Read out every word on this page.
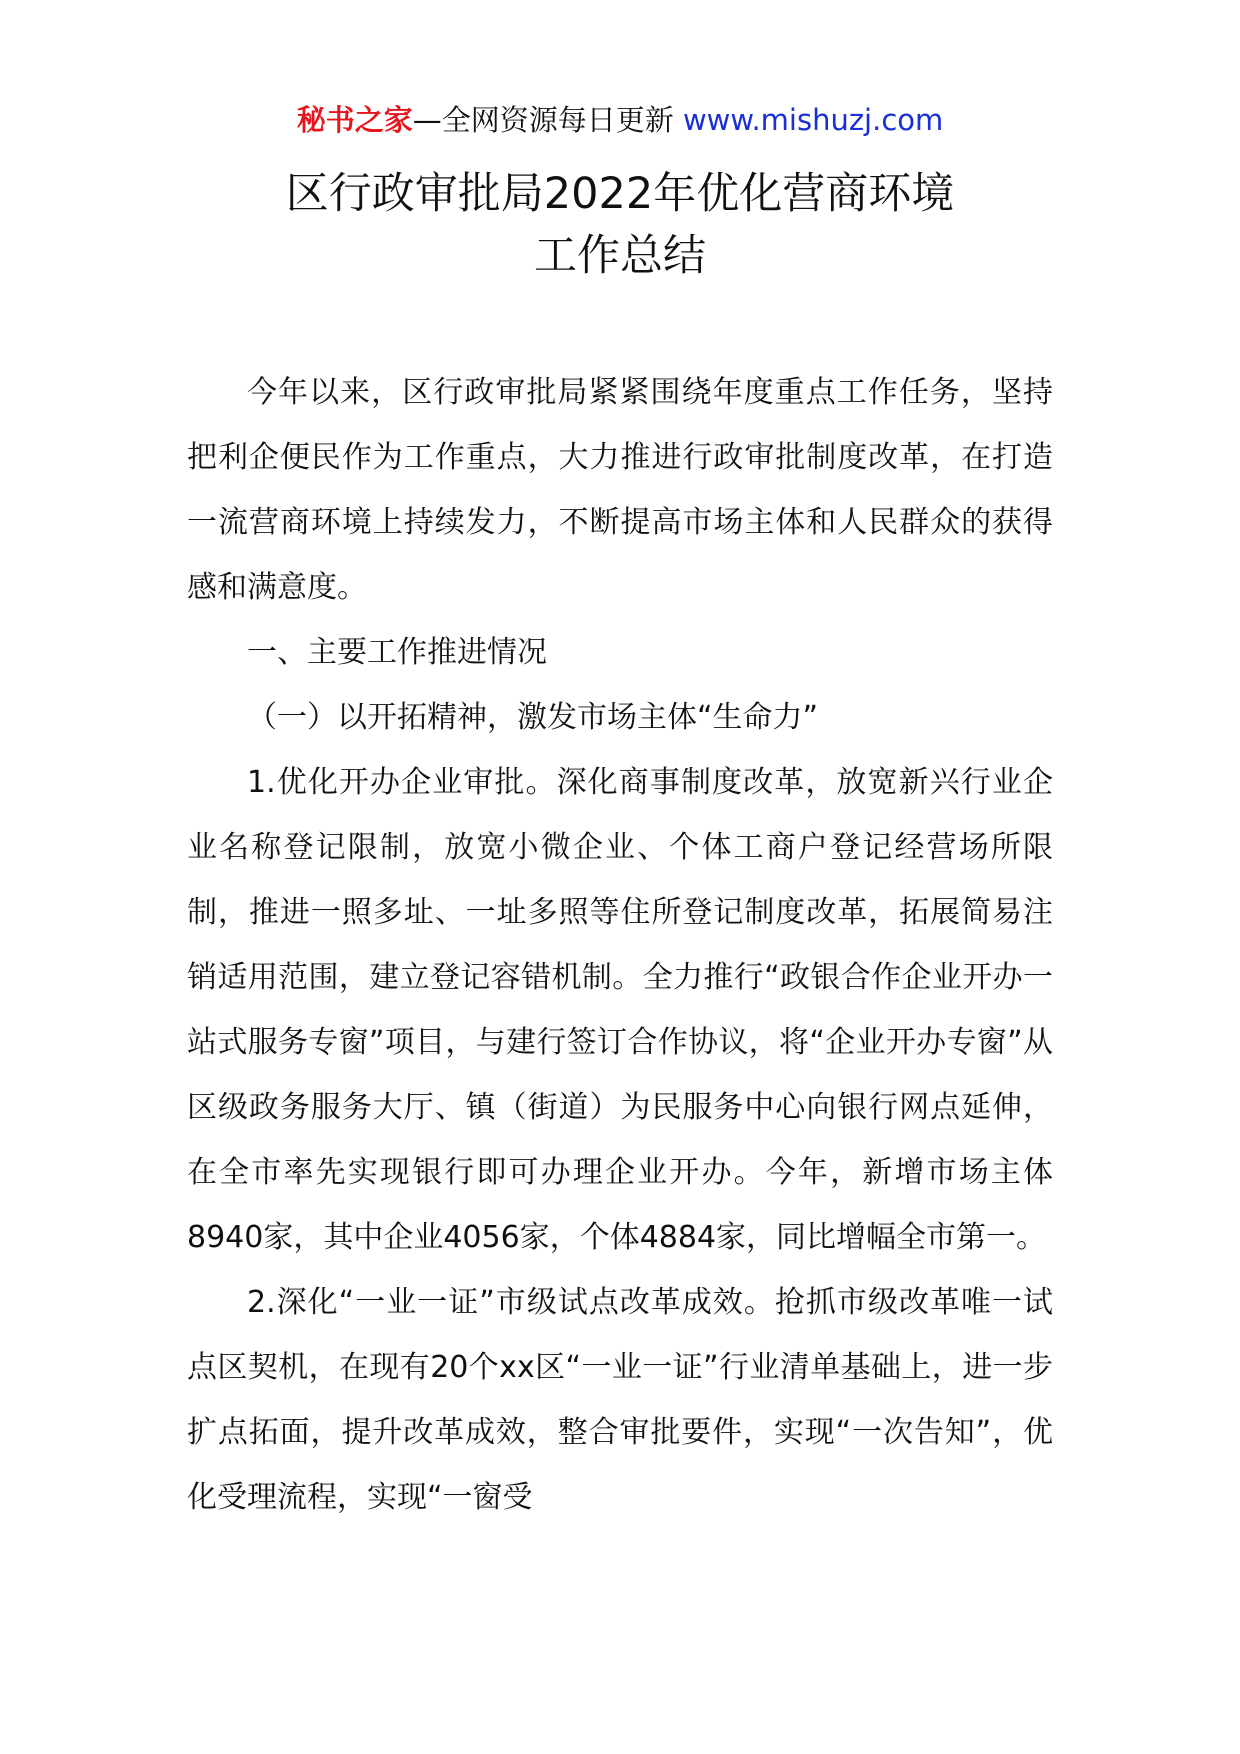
秘书之家—全网资源每日更新 www.mishuzj.com
区行政审批局2022年优化营商环境
工作总结

今年以来，区行政审批局紧紧围绕年度重点工作任务，坚持把利企便民作为工作重点，大力推进行政审批制度改革，在打造一流营商环境上持续发力，不断提高市场主体和人民群众的获得感和满意度。

一、主要工作推进情况

（一）以开拓精神，激发市场主体“生命力”

1.优化开办企业审批。深化商事制度改革，放宽新兴行业企业名称登记限制，放宽小微企业、个体工商户登记经营场所限制，推进一照多址、一址多照等住所登记制度改革，拓展简易注销适用范围，建立登记容错机制。全力推行“政银合作企业开办一站式服务专窗”项目，与建行签订合作协议，将“企业开办专窗”从区级政务服务大厅、镇（街道）为民服务中心向银行网点延伸，在全市率先实现银行即可办理企业开办。今年，新增市场主体8940家，其中企业4056家，个体4884家，同比增幅全市第一。

2.深化“一业一证”市级试点改革成效。抢抓市级改革唯一试点区契机，在现有20个xx区“一业一证”行业清单基础上，进一步扩点拓面，提升改革成效，整合审批要件，实现“一次告知”，优化受理流程，实现“一窗受
